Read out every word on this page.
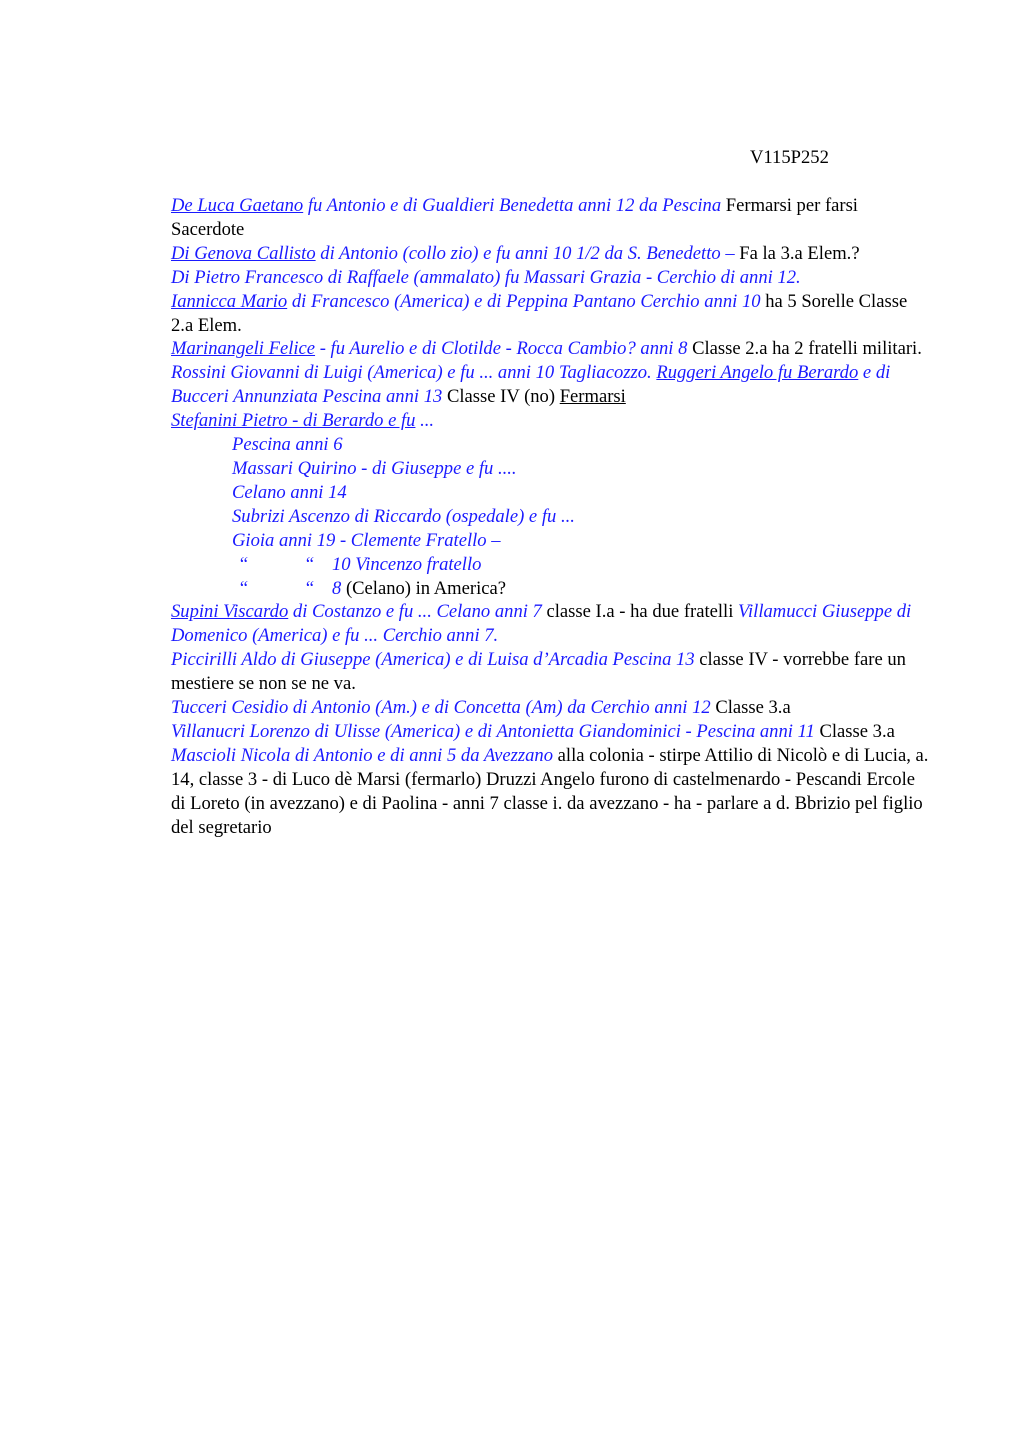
V115P252

De Luca Gaetano fu Antonio e di Gualdieri Benedetta anni 12 da Pescina Fermarsi per farsi Sacerdote

Di Genova Callisto di Antonio (collo zio) e fu anni 10 1/2 da S. Benedetto – Fa la 3.a Elem.?

Di Pietro Francesco di Raffaele (ammalato) fu Massari Grazia - Cerchio di anni 12.

Iannicca Mario di Francesco (America) e di Peppina Pantano Cerchio anni 10 ha 5 Sorelle Classe 2.a Elem.

Marinangeli Felice - fu Aurelio e di Clotilde - Rocca Cambio? anni 8 Classe 2.a ha 2 fratelli militari. Rossini Giovanni di Luigi (America) e fu ... anni 10 Tagliacozzo. Ruggeri Angelo fu Berardo e di Bucceri Annunziata Pescina anni 13 Classe IV (no) Fermarsi

Stefanini Pietro - di Berardo e fu ...

Pescina anni 6

Massari Quirino - di Giuseppe e fu ....

Celano anni 14

Subrizi Ascenzo di Riccardo (ospedale) e fu ...

Gioia anni 19 - Clemente Fratello –

“	“ 10 Vincenzo fratello

“	“ 8 (Celano) in America?

Supini Viscardo di Costanzo e fu ... Celano anni 7 classe I.a - ha due fratelli Villamucci Giuseppe di Domenico (America) e fu ... Cerchio anni 7.

Piccirilli Aldo di Giuseppe (America) e di Luisa d’Arcadia Pescina 13 classe IV - vorrebbe fare un mestiere se non se ne va.

Tucceri Cesidio di Antonio (Am.) e di Concetta (Am) da Cerchio anni 12 Classe 3.a

Villanucri Lorenzo di Ulisse (America) e di Antonietta Giandominici - Pescina anni 11 Classe 3.a

Mascioli Nicola di Antonio e di anni 5 da Avezzano alla colonia - stirpe Attilio di Nicolò e di Lucia, a. 14, classe 3 - di Luco dè Marsi (fermarlo) Druzzi Angelo furono di castelmenardo - Pescandi Ercole di Loreto (in avezzano) e di Paolina - anni 7 classe i. da avezzano - ha - parlare a d. Bbrizio pel figlio del segretario
